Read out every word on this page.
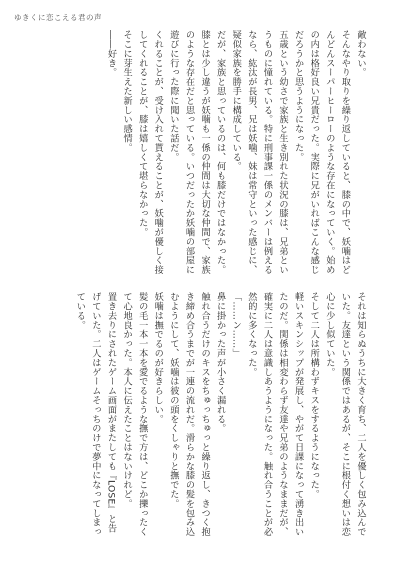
ゆきくに恋こえる君の声

敵わない。

そんなやり取りを繰り返していると、膝の中で、妖噛はどんどんスーパーヒーローのような存在になっていく。始めの内は格好良い兄貴だった。実際に兄がいればこんな感じだろうかと思うようになった。

五歳という幼さで家族と生き別れた状況の膝は、兄弟というものに憧れている。特に刑事課一係のメンバーは例えるなら、紘汰が長男、兄は妖噛、妹は常守といった感じに、疑似家族を勝手に構成している。

だが、家族と思っているのは、何も膝だけではなかった。

膝とは少し違うが妖噛も一係の仲間は大切な仲間で、家族のような存在だと思っている。いつだったか妖噛の部屋に遊びに行った際に聞いた話だ。

くれることが、受け入れて貰えることが、妖噛が優しく接してくれることが、膝は嬉しくて堪らなかった。

そこに芽生えた新しい感情。

――好き。

それは知らぬうちに大きく育ち、二人を優しく包み込んでいた。友達という関係ではあるが、そこに根付く想いは恋心に少し似ていた。

そして二人は所構わずキスをするようになった。

軽いスキンシップが発展し、やがて日課になって湧き出いたのだ。関係は相変わらず友達や兄弟のようなままだが、確実に二人は意識しあうようになった。触れ合うことが必然的に多くなった。

「……ン……」

鼻に掛かった声が小さく漏れる。

触れ合うだけのキスをちゅっちゅっと繰り返し、きつく抱き締め合うまでが一連の流れだ。滑らかな膝の髪を包み込むようにして、妖噛は彼の頭をくしゃりと撫でた。

妖噛は撫でるのが好きらしい。

髪の毛一本一本を愛でるような撫で方は、どこか擽ったくて心地良かった。本人に伝えたことはないけれど。

置き去りにされたゲーム画面がまたしても『LOSE』と告げていた。二人はゲームそっちのけで夢中になってしまっている。
